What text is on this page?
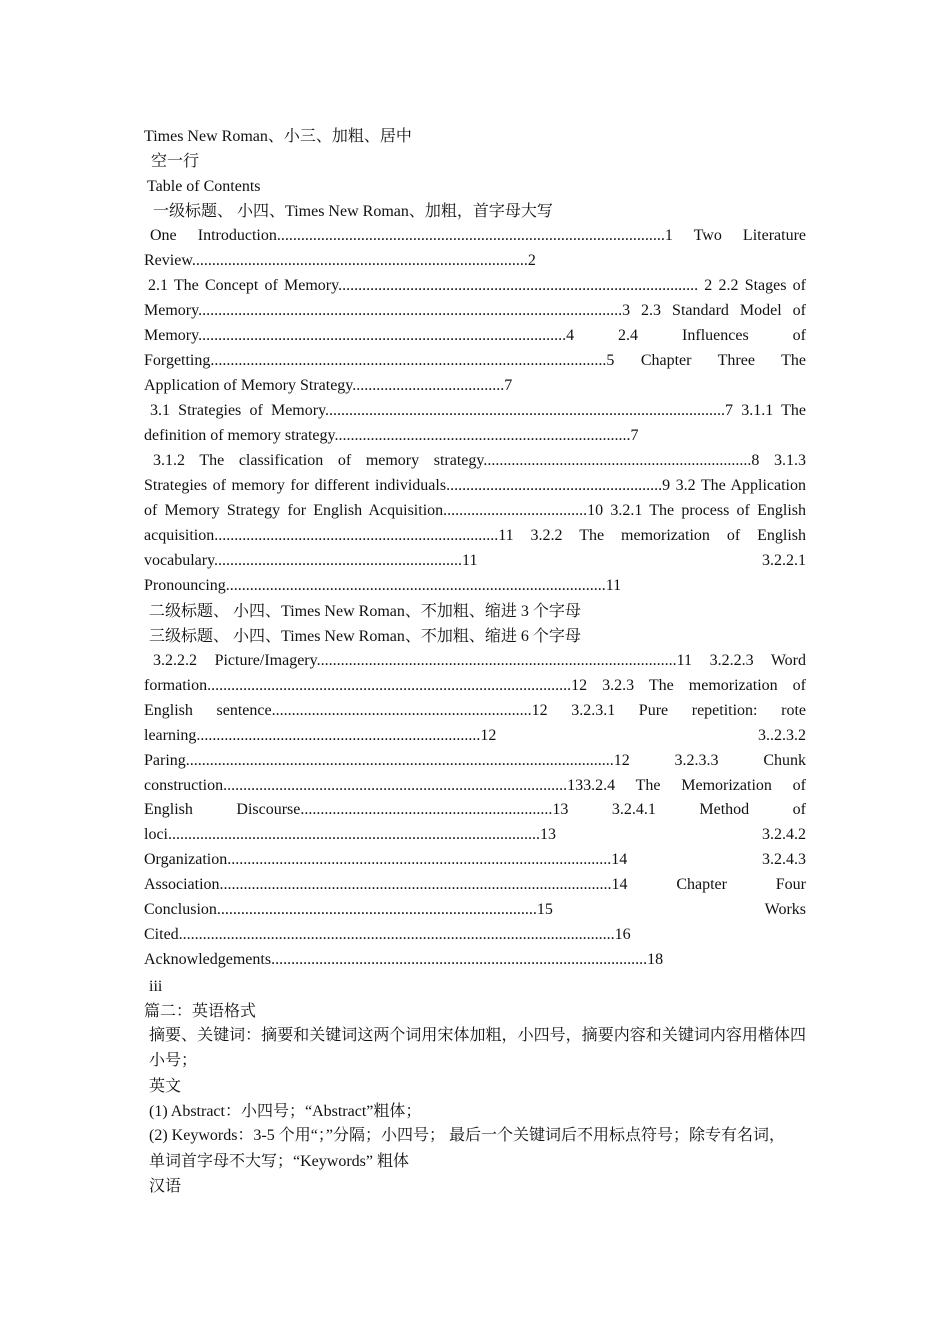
Times New Roman、小三、加粗、居中
空一行
Table of Contents
一级标题、 小四、Times New Roman、加粗，首字母大写
One Introduction.................................................................................................1 Two Literature Review....................................................................................2
2.1 The Concept of Memory.......................................................................................... 2 2.2 Stages of Memory..........................................................................................................3 2.3 Standard Model of Memory............................................................................................4 2.4 Influences of Forgetting...................................................................................................5 Chapter Three The Application of Memory Strategy......................................7
3.1 Strategies of Memory....................................................................................................7 3.1.1 The definition of memory strategy..........................................................................7
3.1.2 The classification of memory strategy...................................................................8 3.1.3 Strategies of memory for different individuals......................................................9 3.2 The Application of Memory Strategy for English Acquisition....................................10 3.2.1 The process of English acquisition.......................................................................11 3.2.2 The memorization of English vocabulary..............................................................11 3.2.2.1 Pronouncing...............................................................................................11
二级标题、 小四、Times New Roman、不加粗、缩进 3 个字母
三级标题、 小四、Times New Roman、不加粗、缩进 6 个字母
3.2.2.2 Picture/Imagery..........................................................................................11 3.2.2.3 Word formation...........................................................................................12 3.2.3 The memorization of English sentence.................................................................12 3.2.3.1 Pure repetition: rote learning.......................................................................12 3..2.3.2 Paring...........................................................................................................12 3.2.3.3 Chunk construction......................................................................................133.2.4 The Memorization of English Discourse...............................................................13 3.2.4.1 Method of loci.............................................................................................13 3.2.4.2 Organization................................................................................................14 3.2.4.3 Association..................................................................................................14 Chapter Four Conclusion................................................................................15 Works Cited.............................................................................................................16 Acknowledgements..............................................................................................18
iii
篇二：英语格式
摘要、关键词：摘要和关键词这两个词用宋体加粗，小四号，摘要内容和关键词内容用楷体四小号；
英文
(1) Abstract：小四号；“Abstract”粗体；
(2) Keywords：3-5 个用“；”分隔；小四号； 最后一个关键词后不用标点符号；除专有名词，
单词首字母不大写；“Keywords” 粗体
汉语
